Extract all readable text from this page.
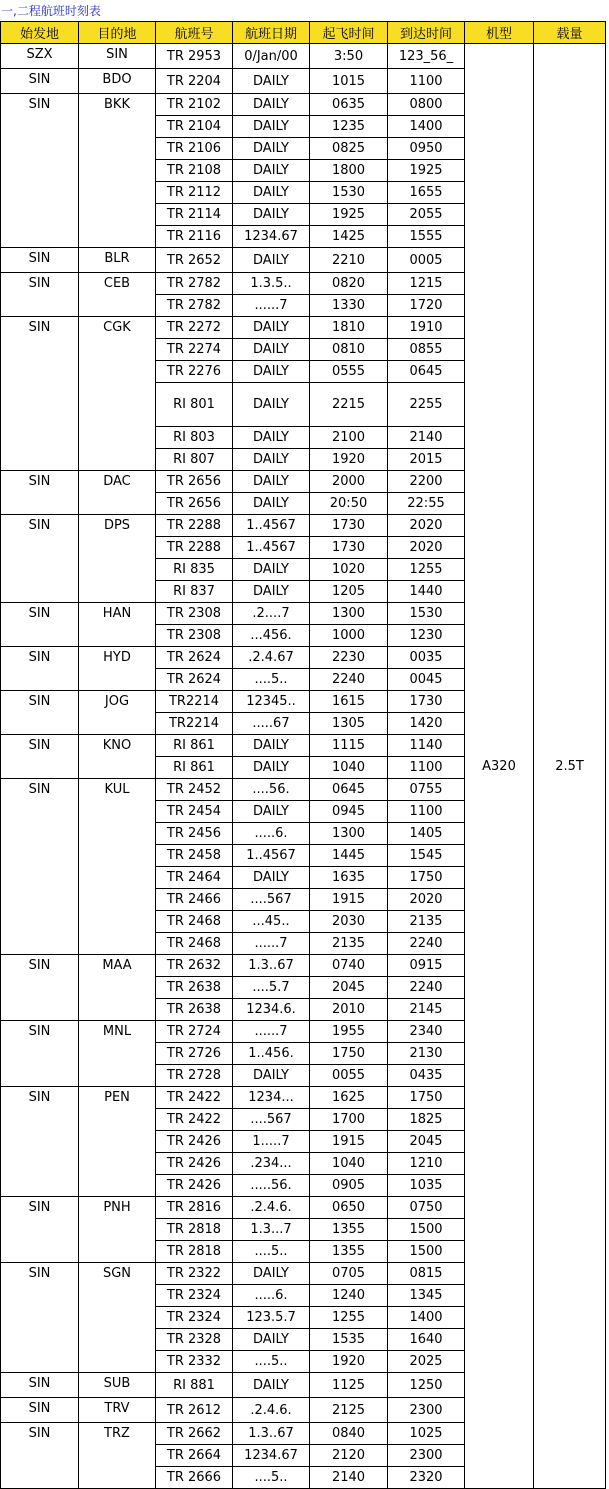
一,二程航班时刻表
始发地	目的地	航班号	航班日期	起飞时间	到达时间	机型	载量
SZX	SIN	TR 2953	0/Jan/00	3:50	123_56_	A320	2.5T
SIN	BDO	TR 2204	DAILY	1015	1100		
SIN	BKK	TR 2102	DAILY	0635	0800		
		TR 2104	DAILY	1235	1400		
		TR 2106	DAILY	0825	0950		
		TR 2108	DAILY	1800	1925		
		TR 2112	DAILY	1530	1655		
		TR 2114	DAILY	1925	2055		
		TR 2116	1234.67	1425	1555		
SIN	BLR	TR 2652	DAILY	2210	0005		
SIN	CEB	TR 2782	1.3.5..	0820	1215		
		TR 2782	......7	1330	1720		
SIN	CGK	TR 2272	DAILY	1810	1910		
		TR 2274	DAILY	0810	0855		
		TR 2276	DAILY	0555	0645		
		RI 801	DAILY	2215	2255		
		RI 803	DAILY	2100	2140		
		RI 807	DAILY	1920	2015		
SIN	DAC	TR 2656	DAILY	2000	2200		
		TR 2656	DAILY	20:50	22:55		
SIN	DPS	TR 2288	1..4567	1730	2020		
		TR 2288	1..4567	1730	2020		
		RI 835	DAILY	1020	1255		
		RI 837	DAILY	1205	1440		
SIN	HAN	TR 2308	.2....7	1300	1530		
		TR 2308	...456.	1000	1230		
SIN	HYD	TR 2624	.2.4.67	2230	0035		
		TR 2624	....5..	2240	0045		
SIN	JOG	TR2214	12345..	1615	1730		
		TR2214	.....67	1305	1420		
SIN	KNO	RI 861	DAILY	1115	1140		
		RI 861	DAILY	1040	1100		
SIN	KUL	TR 2452	....56.	0645	0755		
		TR 2454	DAILY	0945	1100		
		TR 2456	.....6.	1300	1405		
		TR 2458	1..4567	1445	1545		
		TR 2464	DAILY	1635	1750		
		TR 2466	....567	1915	2020		
		TR 2468	...45..	2030	2135		
		TR 2468	......7	2135	2240		
SIN	MAA	TR 2632	1.3..67	0740	0915		
		TR 2638	....5.7	2045	2240		
		TR 2638	1234.6.	2010	2145		
SIN	MNL	TR 2724	......7	1955	2340		
		TR 2726	1..456.	1750	2130		
		TR 2728	DAILY	0055	0435		
SIN	PEN	TR 2422	1234...	1625	1750		
		TR 2422	....567	1700	1825		
		TR 2426	1.....7	1915	2045		
		TR 2426	.234...	1040	1210		
		TR 2426	.....56.	0905	1035		
SIN	PNH	TR 2816	.2.4.6.	0650	0750		
		TR 2818	1.3...7	1355	1500		
		TR 2818	....5..	1355	1500		
SIN	SGN	TR 2322	DAILY	0705	0815		
		TR 2324	.....6.	1240	1345		
		TR 2324	123.5.7	1255	1400		
		TR 2328	DAILY	1535	1640		
		TR 2332	....5..	1920	2025		
SIN	SUB	RI 881	DAILY	1125	1250		
SIN	TRV	TR 2612	.2.4.6.	2125	2300		
SIN	TRZ	TR 2662	1.3..67	0840	1025		
		TR 2664	1234.67	2120	2300		
		TR 2666	....5..	2140	2320		
